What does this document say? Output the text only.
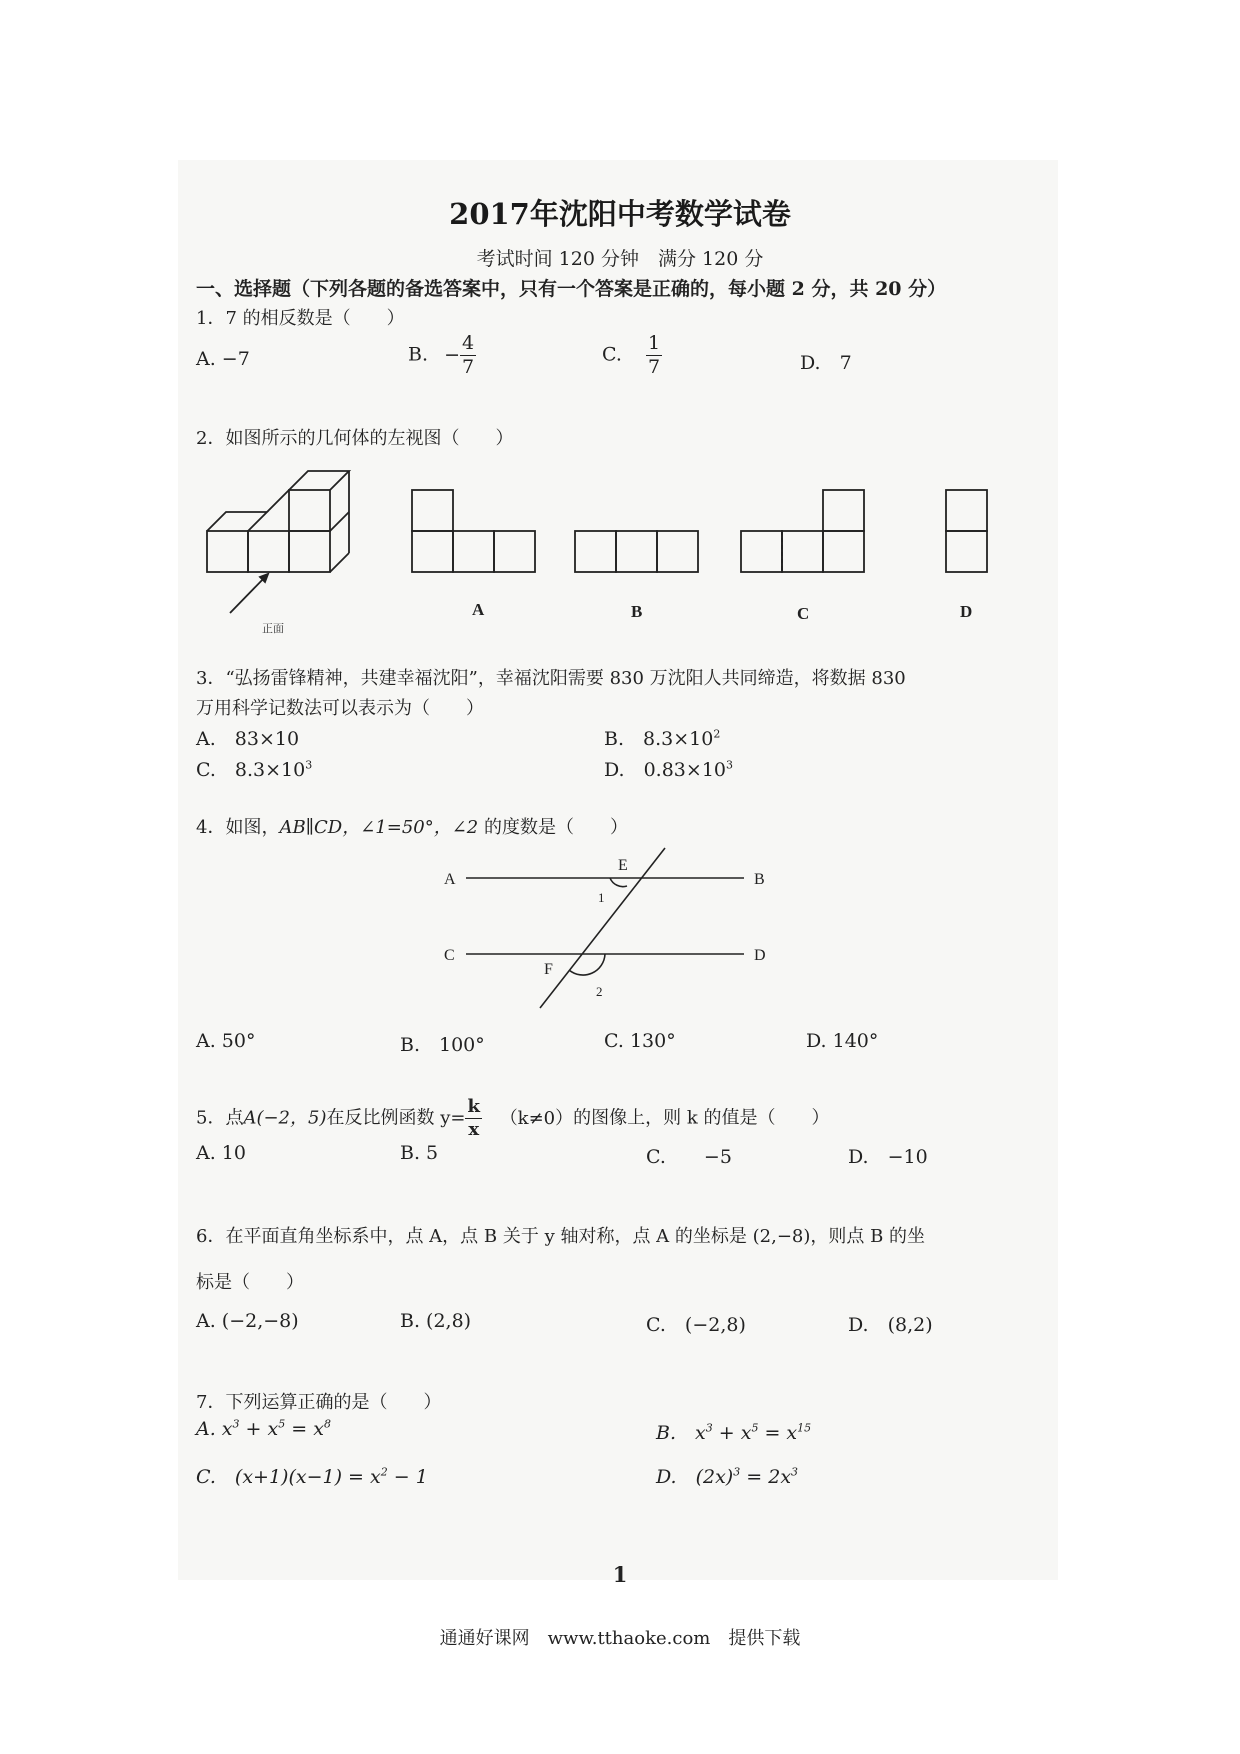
2017年沈阳中考数学试卷
考试时间 120 分钟　满分 120 分
一、选择题（下列各题的备选答案中，只有一个答案是正确的，每小题 2 分，共 20 分）
1．7 的相反数是（　　）
A. −7	B. − $\frac{4}{7}$	C. $\frac{1}{7}$	D.　7
2．如图所示的几何体的左视图（　　）
正面
A	B	C	D
3．“弘扬雷锋精神，共建幸福沈阳”，幸福沈阳需要 830 万沈阳人共同缔造，将数据 830
万用科学记数法可以表示为（　　）
A.　83×10	B.　$8.3\times 10^2$
C.　$8.3\times 10^3$	D.　$0.83\times 10^3$
4．如图，AB∥CD，∠1=50°，∠2 的度数是（　　）
A	B
C	D
E
F
1
2
A. 50°	B.　100°	C. 130°	D. 140°
5．点A(−2，5)在反比例函数 $y= \frac{k}{x} (k\ne 0)$的图像上，则 k 的值是（　　）
A. 10	B. 5	C.　　−5	D.　−10
6．在平面直角坐标系中，点 A，点 B 关于 y 轴对称，点 A 的坐标是 (2,−8)，则点 B 的坐
标是（　　）
A. (−2,−8)	B. (2,8)	C.　(−2,8)	D.　(8,2)
7．下列运算正确的是（　　）
A. $x^3 + x^5 = x^8$	B.　$x^3 + x^5 = x^{15}$
C.　$(x+1)(x-1) = x^2 - 1$	D.　$(2x)^3 = 2x^3$
1
通通好课网　www.tthaoke.com　提供下载
